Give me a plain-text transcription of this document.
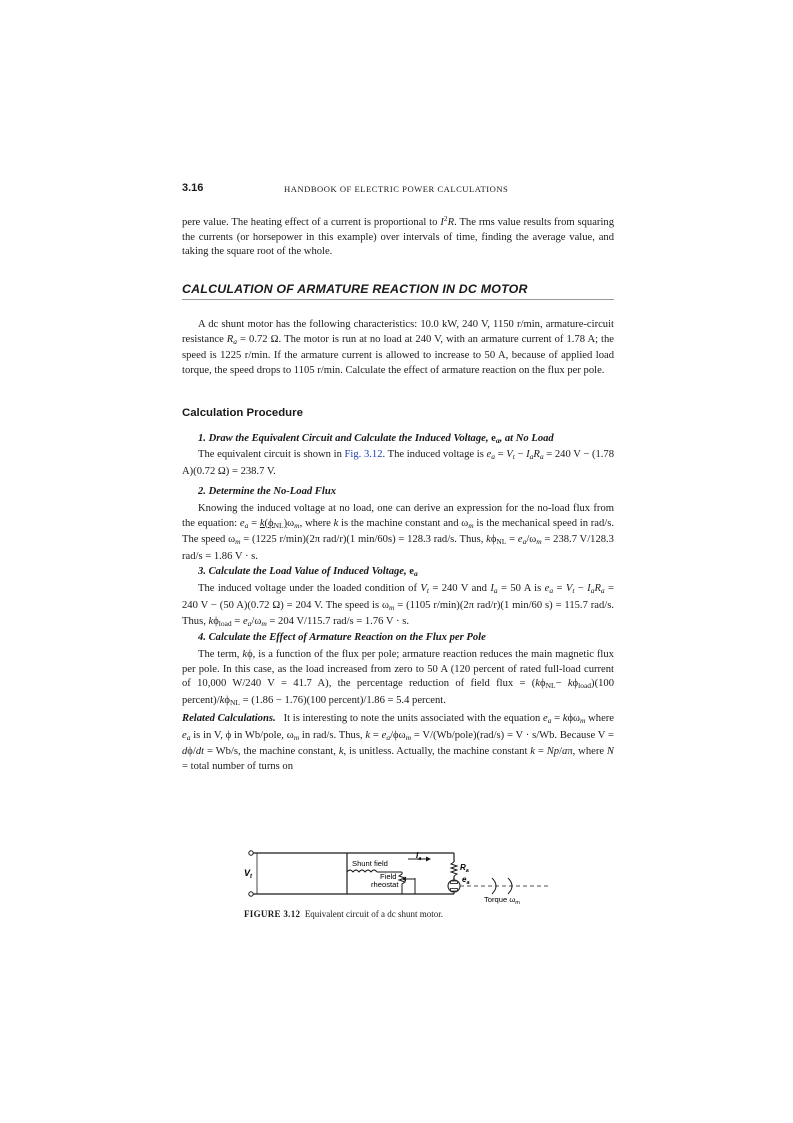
3.16	HANDBOOK OF ELECTRIC POWER CALCULATIONS

pere value. The heating effect of a current is proportional to $I^2R$. The rms value results from squaring the currents (or horsepower in this example) over intervals of time, finding the average value, and taking the square root of the whole.

CALCULATION OF ARMATURE REACTION IN DC MOTOR

A dc shunt motor has the following characteristics: 10.0 kW, 240 V, 1150 r/min, armature-circuit resistance $R_a = 0.72$ Ω. The motor is run at no load at 240 V, with an armature current of 1.78 A; the speed is 1225 r/min. If the armature current is allowed to increase to 50 A, because of applied load torque, the speed drops to 1105 r/min. Calculate the effect of armature reaction on the flux per pole.

Calculation Procedure
1. Draw the Equivalent Circuit and Calculate the Induced Voltage, $e_a$, at No Load

The equivalent circuit is shown in Fig. 3.12. The induced voltage is $e_a = V_t - I_aR_a = 240$ V − (1.78 A)(0.72 Ω) = 238.7 V.

2. Determine the No-Load Flux

Knowing the induced voltage at no load, one can derive an expression for the no-load flux from the equation: $e_a = k(\phi_{NL})\omega_m$, where k is the machine constant and $\omega_m$ is the mechanical speed in rad/s. The speed $\omega_m = (1225$ r/min)(2π rad/r)(1 min/60s) = 128.3 rad/s. Thus, $k\phi_{NL} = e_a/\omega_m = 238.7$ V/128.3 rad/s = 1.86 V · s.

3. Calculate the Load Value of Induced Voltage, $e_a$

The induced voltage under the loaded condition of $V_t = 240$ V and $I_a = 50$ A is $e_a = V_t - I_aR_a = 240$ V − (50 A)(0.72 Ω) = 204 V. The speed is $\omega_m = (1105$ r/min)(2π rad/r)(1 min/60 s) = 115.7 rad/s. Thus, $k\phi_{load} = e_a/\omega_m = 204$ V/115.7 rad/s = 1.76 V · s.

4. Calculate the Effect of Armature Reaction on the Flux per Pole

The term, kϕ, is a function of the flux per pole; armature reaction reduces the main magnetic flux per pole. In this case, as the load increased from zero to 50 A (120 percent of rated full-load current of 10,000 W/240 V = 41.7 A), the percentage reduction of field flux = $(k\phi_{NL}- k\phi_{load})(100$ $percent)/k\phi_{NL} = (1.86 - 1.76)(100$ percent)/1.86 = 5.4 percent.

Related Calculations. It is interesting to note the units associated with the equation $e_a = k\phi\omega_m$ where $e_a$ is in V, ϕ in Wb/pole, $\omega_m$ in rad/s. Thus, $k = e_a/\phi\omega_m$ = V/(Wb/pole)(rad/s) = V · s/Wb. Because V = dϕ/dt = Wb/s, the machine constant, k, is unitless. Actually, the machine constant k = Np/aπ, where N = total number of turns on

$V_t$
$I_a$
$R_a$
$e_a$
Shunt field
Field
rheostat
Torque $\omega_m$
FIGURE 3.12 Equivalent circuit of a dc shunt motor.
